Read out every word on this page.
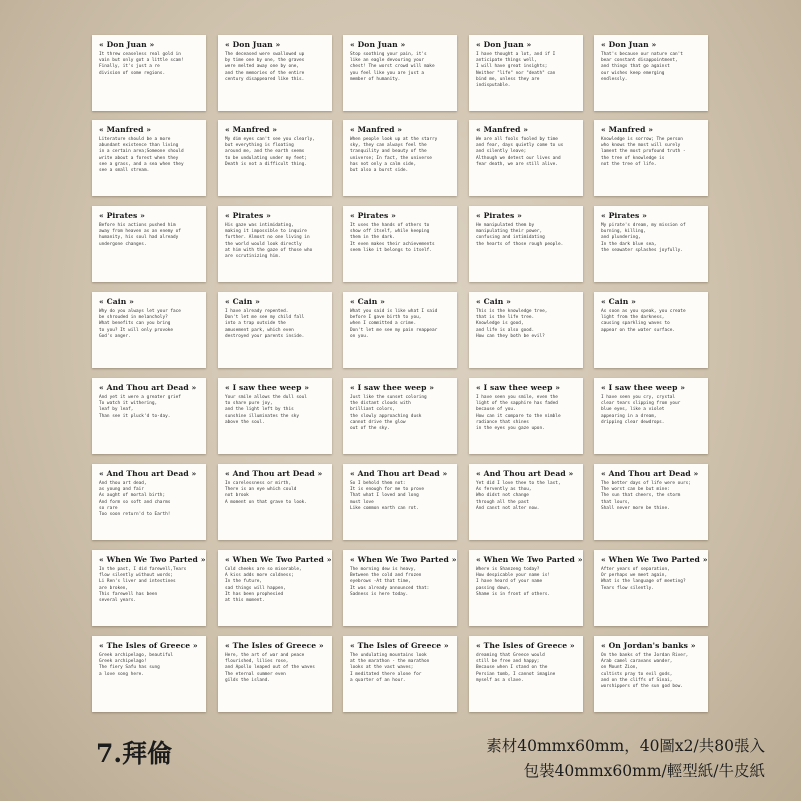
« Don Juan »
It threw ceaseless real gold in
vain but only got a little scam!
Finally, it's just a re
division of some regions.
« Don Juan »
The deceased were swallowed up
by time one by one, the graves
were melted away one by one,
and the memories of the entire
century disappeared like this.
« Don Juan »
Stop soothing your pain, it's
like an eagle devouring your
chest! The worst crowd will make
you feel like you are just a
member of humanity.
« Don Juan »
I have thought a lot, and if I
anticipate things well,
I will have great insights;
Neither "life" nor "death" can
bind me, unless they are
indisputable.
« Don Juan »
That's because our nature can't
bear constant disappointment,
and things that go against
our wishes keep emerging
endlessly.
« Manfred »
Literature should be a more
abundant existence than living
in a certain area;Someone should
write about a forest when they
see a grass, and a sea when they
see a small stream.
« Manfred »
My dim eyes can't see you clearly,
but everything is floating
around me, and the earth seems
to be undulating under my feet;
Death is not a difficult thing.
« Manfred »
When people look up at the starry
sky, they can always feel the
tranquility and beauty of the
universe; In fact, the universe
has not only a calm side,
but also a burst side.
« Manfred »
We are all fools fooled by time
and fear, days quietly come to us
and silently leave;
Although we detest our lives and
fear death, we are still alive.
« Manfred »
Knowledge is sorrow; The person
who knows the most will surely
lament the most profound truth -
the tree of knowledge is
not the tree of life.
« Pirates »
Before his actions pushed him
away from heaven as an enemy of
humanity, his soul had already
undergone changes.
« Pirates »
His gaze was intimidating,
making it impossible to inquire
further. Almost no one living in
the world would look directly
at him with the gaze of those who
are scrutinizing him.
« Pirates »
It uses the hands of others to
show off itself, while keeping
them in the dark.
It even makes their achievements
seem like it belongs to itself.
« Pirates »
He manipulated them by
manipulating their power,
confusing and intimidating
the hearts of those rough people.
« Pirates »
My pirate's dream, my mission of
burning, killing,
and plundering,
In the dark blue sea,
the seawater splashes joyfully.
« Cain »
Why do you always let your face
be shrouded in melancholy?
What benefits can you bring
to you? It will only provoke
God's anger.
« Cain »
I have already repented.
Don't let me see my child fall
into a trap outside the
amusement park, which even
destroyed your parents inside.
« Cain »
What you said is like what I said
before I gave birth to you,
when I committed a crime.
Don't let me see my pain reappear
on you.
« Cain »
This is the knowledge tree,
that is the life tree.
Knowledge is good,
and life is also good.
How can they both be evil?
« Cain »
As soon as you speak, you create
light from the darkness,
causing sparkling waves to
appear on the water surface.
« And Thou art Dead »
And yet it were a greater grief
To watch it withering,
leaf by leaf,
Than see it pluck'd to-day.
« I saw thee weep »
Your smile allows the dull soul
to share pure joy,
and the light left by this
sunshine illuminates the sky
above the soul.
« I saw thee weep »
Just like the sunset coloring
the distant clouds with
brilliant colors,
the slowly approaching dusk
cannot drive the glow
out of the sky.
« I saw thee weep »
I have seen you smile, even the
light of the sapphire has faded
because of you.
How can it compare to the nimble
radiance that shines
in the eyes you gaze upon.
« I saw thee weep »
I have seen you cry, crystal
clear tears slipping from your
blue eyes, like a violet
appearing in a dream,
dripping clear dewdrops.
« And Thou art Dead »
And thou art dead,
as young and fair
As aught of mortal birth;
And form so soft and charms
so rare
Too soon return'd to Earth!
« And Thou art Dead »
In carelessness or mirth,
There is an eye which could
not brook
A moment on that grave to look.
« And Thou art Dead »
So I behold them not:
It is enough for me to prove
That what I loved and long
must love
Like common earth can rot.
« And Thou art Dead »
Yet did I love thee to the last,
As fervently as thou,
Who didst not change
through all the past
And canst not alter now.
« And Thou art Dead »
The better days of life were ours;
The worst can be but mine:
The sun that cheers, the storm
that lours,
Shall never more be thine.
« When We Two Parted »
In the past, I did farewell,Tears
flow silently without words;
Li Ren's liver and intestines
are broken,
This farewell has been
several years.
« When We Two Parted »
Cold cheeks are so miserable,
A kiss adds more coldness;
In the future,
sad things will happen,
It has been prophesied
at this moment.
« When We Two Parted »
The morning dew is heavy,
Between the cold and frozen
eyebrows -At that time,
It was already announced that:
Sadness is here today.
« When We Two Parted »
Where is Shanzeng today?
How despicable your name is!
I have heard of your name
passing down,
Shame is in front of others.
« When We Two Parted »
After years of separation,
Or perhaps we meet again,
What is the language of meeting?
Tears flow silently.
« The Isles of Greece »
Greek archipelago, beautiful
Greek archipelago!
The fiery Safu has sung
a love song here.
« The Isles of Greece »
Here, the art of war and peace
flourished, lilies rose,
and Apollo leaped out of the waves
The eternal summer even
gilds the island.
« The Isles of Greece »
The undulating mountains look
at the marathon - the marathon
looks at the vast waves;
I meditated there alone for
a quarter of an hour.
« The Isles of Greece »
dreaming that Greece would
still be free and happy;
Because when I stand on the
Persian tomb, I cannot imagine
myself as a slave.
« On Jordan's banks »
On the banks of the Jordan River,
Arab camel caravans wander,
on Mount Zion,
cultists pray to evil gods,
and on the cliffs of Sinai,
worshippers of the sun god bow.
7.拜倫	素材40mmx60mm，40圖x2/共80張入
包裝40mmx60mm/輕型紙/牛皮紙
